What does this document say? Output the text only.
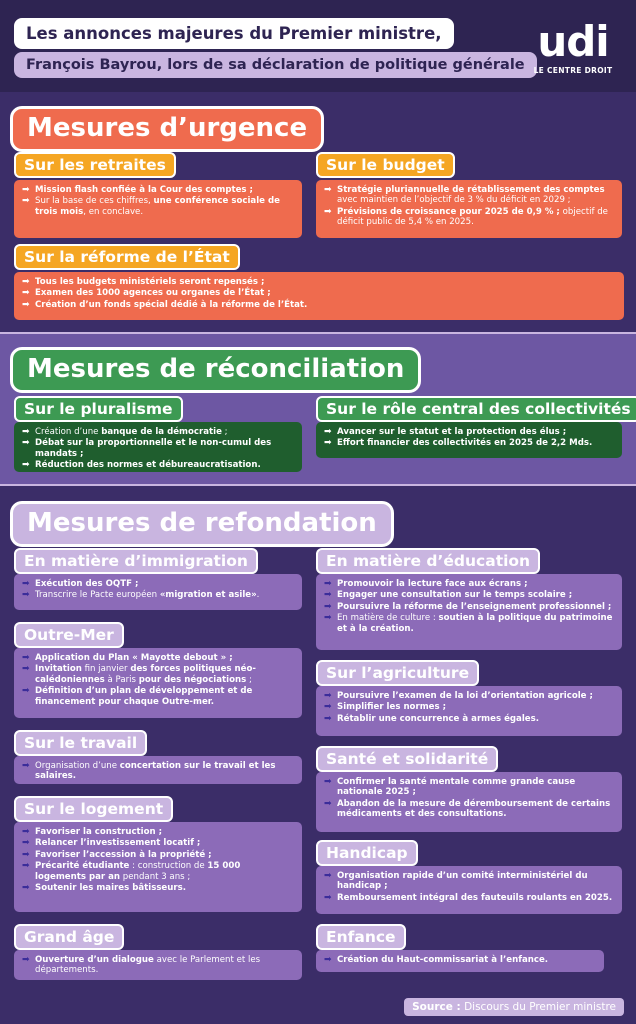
Les annonces majeures du Premier ministre,
François Bayrou, lors de sa déclaration de politique générale udi
LE CENTRE DROIT
Mesures d’urgence
Sur les retraites
➡ Mission flash confiée à la Cour des comptes ;
➡ Sur la base de ces chiffres, une conférence sociale de trois mois, en conclave.
Sur le budget
➡ Stratégie pluriannuelle de rétablissement des comptes avec maintien de l’objectif de 3 % du déficit en 2029 ;
➡ Prévisions de croissance pour 2025 de 0,9 % ; objectif de déficit public de 5,4 % en 2025.
Sur la réforme de l’État
➡ Tous les budgets ministériels seront repensés ;
➡ Examen des 1000 agences ou organes de l’État ;
➡ Création d’un fonds spécial dédié à la réforme de l’État.
Mesures de réconciliation
Sur le pluralisme
➡ Création d’une banque de la démocratie ;
➡ Débat sur la proportionnelle et le non-cumul des mandats ;
➡ Réduction des normes et débureaucratisation.
Sur le rôle central des collectivités
➡ Avancer sur le statut et la protection des élus ;
➡ Effort financier des collectivités en 2025 de 2,2 Mds.
Mesures de refondation
En matière d’immigration
➡ Exécution des OQTF ;
➡ Transcrire le Pacte européen «migration et asile».
Outre-Mer
➡ Application du Plan « Mayotte debout » ;
➡ Invitation fin janvier des forces politiques néo-calédoniennes à Paris pour des négociations ;
➡ Définition d’un plan de développement et de financement pour chaque Outre-mer.
Sur le travail
➡ Organisation d’une concertation sur le travail et les salaires.
Sur le logement
➡ Favoriser la construction ;
➡ Relancer l’investissement locatif ;
➡ Favoriser l’accession à la propriété ;
➡ Précarité étudiante : construction de 15 000 logements par an pendant 3 ans ;
➡ Soutenir les maires bâtisseurs.
Grand âge
➡ Ouverture d’un dialogue avec le Parlement et les départements.
En matière d’éducation
➡ Promouvoir la lecture face aux écrans ;
➡ Engager une consultation sur le temps scolaire ;
➡ Poursuivre la réforme de l’enseignement professionnel ;
➡ En matière de culture : soutien à la politique du patrimoine et à la création.
Sur l’agriculture
➡ Poursuivre l’examen de la loi d’orientation agricole ;
➡ Simplifier les normes ;
➡ Rétablir une concurrence à armes égales.
Santé et solidarité
➡ Confirmer la santé mentale comme grande cause nationale 2025 ;
➡ Abandon de la mesure de déremboursement de certains médicaments et des consultations.
Handicap
➡ Organisation rapide d’un comité interministériel du handicap ;
➡ Remboursement intégral des fauteuils roulants en 2025.
Enfance
➡ Création du Haut-commissariat à l’enfance.
Source : Discours du Premier ministre
